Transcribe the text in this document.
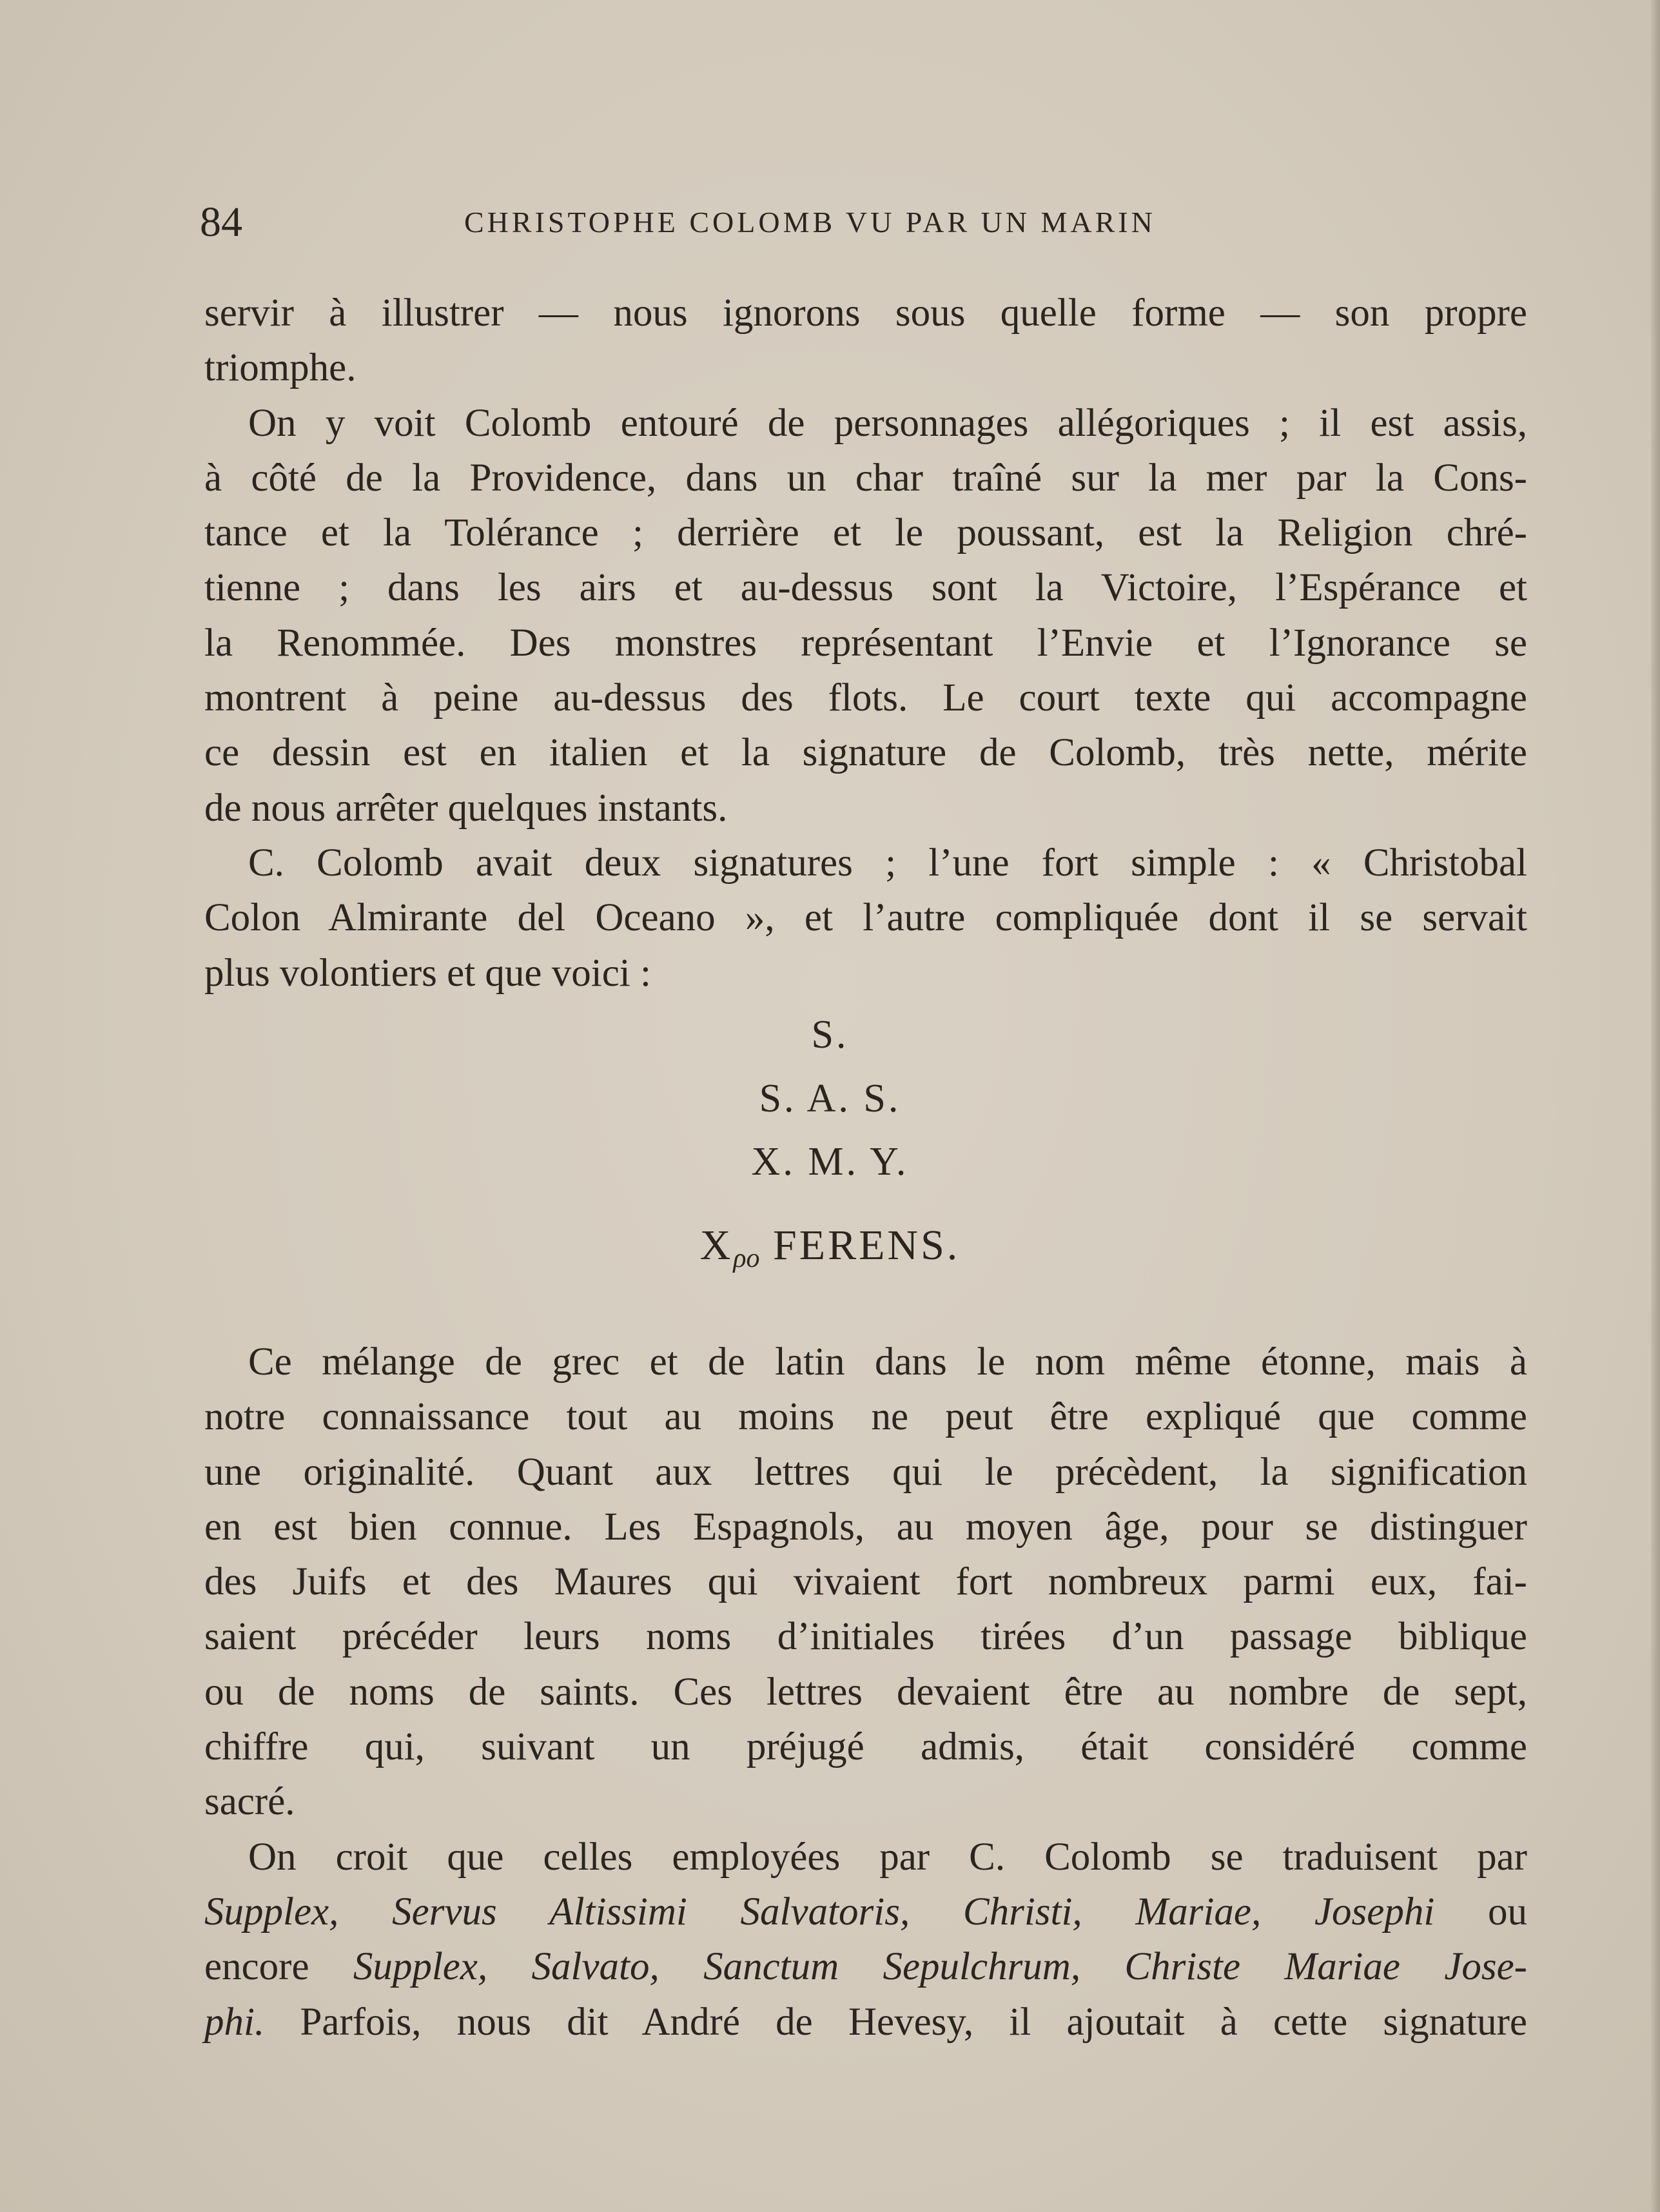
84	CHRISTOPHE COLOMB VU PAR UN MARIN
servir à illustrer — nous ignorons sous quelle forme — son propre
triomphe.
On y voit Colomb entouré de personnages allégoriques ; il est assis,
à côté de la Providence, dans un char traîné sur la mer par la Cons-
tance et la Tolérance ; derrière et le poussant, est la Religion chré-
tienne ; dans les airs et au-dessus sont la Victoire, l’Espérance et
la Renommée. Des monstres représentant l’Envie et l’Ignorance se
montrent à peine au-dessus des flots. Le court texte qui accompagne
ce dessin est en italien et la signature de Colomb, très nette, mérite
de nous arrêter quelques instants.
C. Colomb avait deux signatures ; l’une fort simple : « Christobal
Colon Almirante del Oceano », et l’autre compliquée dont il se servait
plus volontiers et que voici :
S.
S. A. S.
X. M. Y.
$X_{\rho o}$ FERENS.
Ce mélange de grec et de latin dans le nom même étonne, mais à
notre connaissance tout au moins ne peut être expliqué que comme
une originalité. Quant aux lettres qui le précèdent, la signification
en est bien connue. Les Espagnols, au moyen âge, pour se distinguer
des Juifs et des Maures qui vivaient fort nombreux parmi eux, fai-
saient précéder leurs noms d’initiales tirées d’un passage biblique
ou de noms de saints. Ces lettres devaient être au nombre de sept,
chiffre qui, suivant un préjugé admis, était considéré comme
sacré.
On croit que celles employées par C. Colomb se traduisent par
Supplex, Servus Altissimi Salvatoris, Christi, Mariae, Josephi ou
encore Supplex, Salvato, Sanctum Sepulchrum, Christe Mariae Jose-
phi. Parfois, nous dit André de Hevesy, il ajoutait à cette signature
